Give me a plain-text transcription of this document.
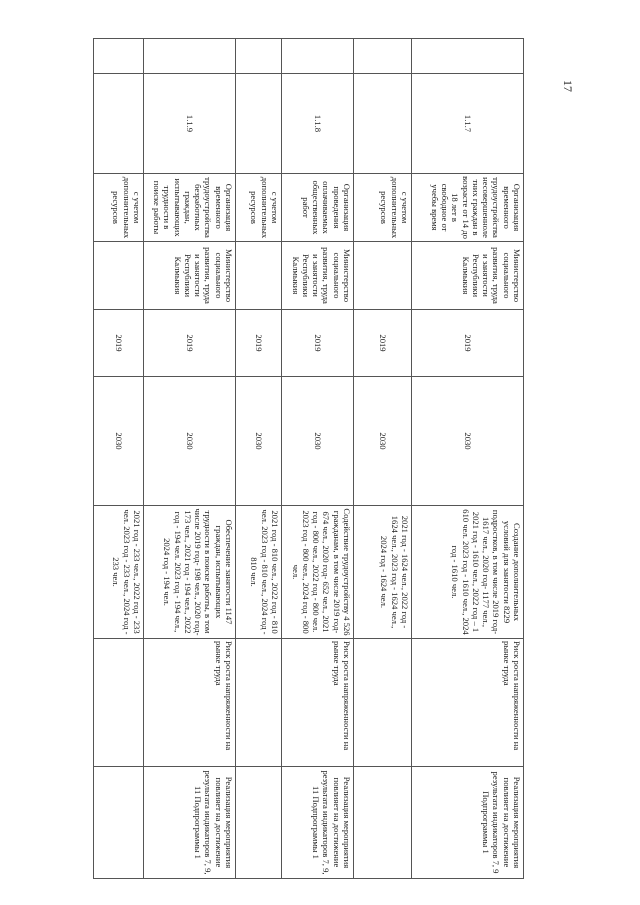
17
	1.1.7	Организация временного трудоустройства несовершеннолетних граждан в возрасте от 14 до 18 лет в свободное от учебы время	Министерство социального развития, труда и занятости Республики Калмыкия	2019	2030	Создание дополнительных условий для занятости 8229 подростков, в том числе 2019 год- 1617 чел., 2020 год- 1177 чел., 2021 год - 1610 чел., 2022 год – 1 610 чел. 2023 год - 1610 чел., 2024 год - 1610 чел.	Риск роста напряженности на рынке труда	Реализация мероприятия повлияет на достижение результата индикаторов 7, 9 Подпрограммы 1
		с учетом дополнительных ресурсов		2019	2030	2021 год - 1624 чел., 2022 год - 1624 чел., 2023 год - 1624 чел., 2024 год - 1624 чел.		
	1.1.8	Организация проведения оплачиваемых общественных работ	Министерство социального развития, труда и занятости Республики Калмыкия	2019	2030	Содействие трудоустройству 4 526 гражданам, в том числе 2019 год- 674 чел., 2020 год- 652 чел., 2021 год - 800 чел., 2022 год - 800 чел. 2023 год - 800 чел., 2024 год - 800 чел.	Риск роста напряженности на рынке труда	Реализация мероприятия повлияет на достижение результата индикаторов 7, 9, 11 Подпрограммы 1
		с учетом дополнительных ресурсов		2019	2030	2021 год - 810 чел., 2022 год - 810 чел. 2023 год - 810 чел., 2024 год - 810 чел.		
	1.1.9	Организация временного трудоустройства безработных граждан, испытывающих трудности в поиске работы	Министерство социального развития, труда и занятости Республики Калмыкия	2019	2030	Обеспечение занятости 1147 граждан, испытывающих трудности в поиске работы, в том числе 2019 год- 198 чел., 2020 год- 173 чел., 2021 год - 194 чел., 2022 год - 194 чел. 2023 год - 194 чел., 2024 год - 194 чел.	Риск роста напряженности на рынке труда	Реализация мероприятия повлияет на достижение результата индикаторов 7, 9, 11 Подпрограммы 1
		с учетом дополнительных ресурсов		2019	2030	2021 год - 233 чел., 2022 год - 233 чел. 2023 год - 233 чел., 2024 год - 233 чел.		
